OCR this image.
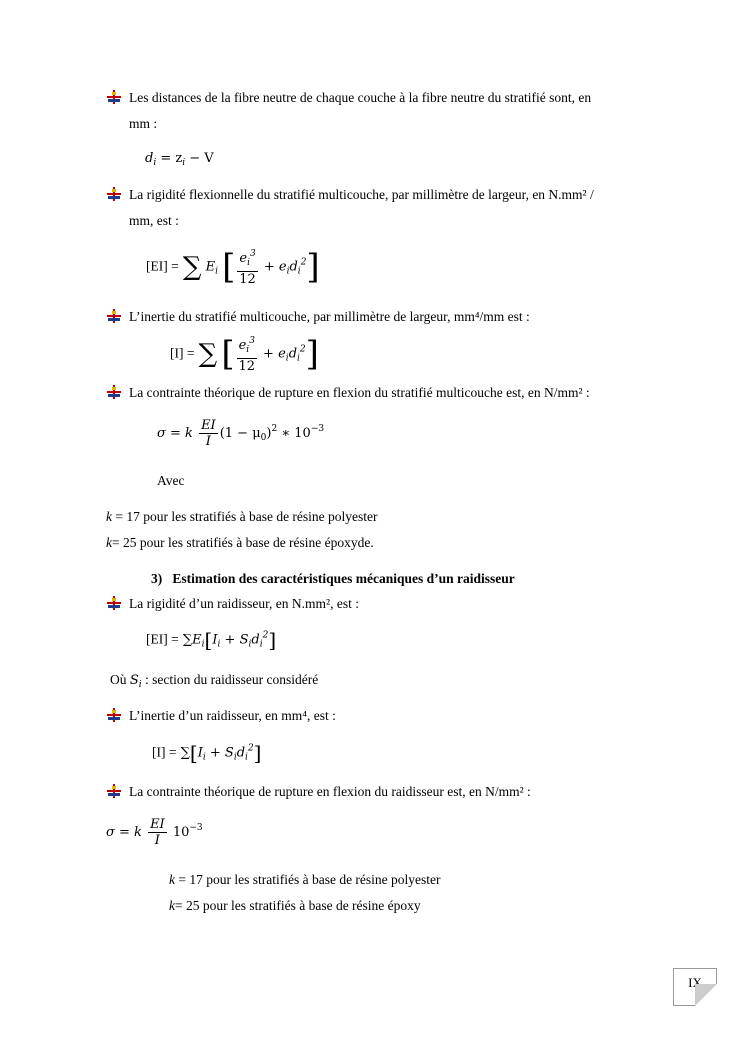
Les distances de la fibre neutre de chaque couche à la fibre neutre du stratifié sont, en
mm :
$d_i = z_i - V$
La rigidité flexionnelle du stratifié multicouche, par millimètre de largeur, en N.mm² /
mm, est :
[EI] = ∑ $E_i$ [ $\frac{e_i^3}{12} + e_id_i^2$]
L’inertie du stratifié multicouche, par millimètre de largeur, mm⁴/mm est :
[I] = ∑ [ $\frac{e_i^3}{12} + e_id_i^2$]
La contrainte théorique de rupture en flexion du stratifié multicouche est, en N/mm² :
σ = k $\frac{EI}{I} (1 - \mu_0)^2$ ∗ $10^{-3}$
Avec
k = 17 pour les stratifiés à base de résine polyester
k= 25 pour les stratifiés à base de résine époxyde.
3) Estimation des caractéristiques mécaniques d’un raidisseur
La rigidité d’un raidisseur, en N.mm², est :
$[EI] = \sum E_i[I_i + S_id_i^2]$
Où $S_i$ : section du raidisseur considéré
L’inertie d’un raidisseur, en mm⁴, est :
$[I] = \sum[I_i + S_id_i^2]$
La contrainte théorique de rupture en flexion du raidisseur est, en N/mm² :
σ = k $\frac{EI}{I} 10^{-3}$
k = 17 pour les stratifiés à base de résine polyester
k= 25 pour les stratifiés à base de résine époxy
IX
